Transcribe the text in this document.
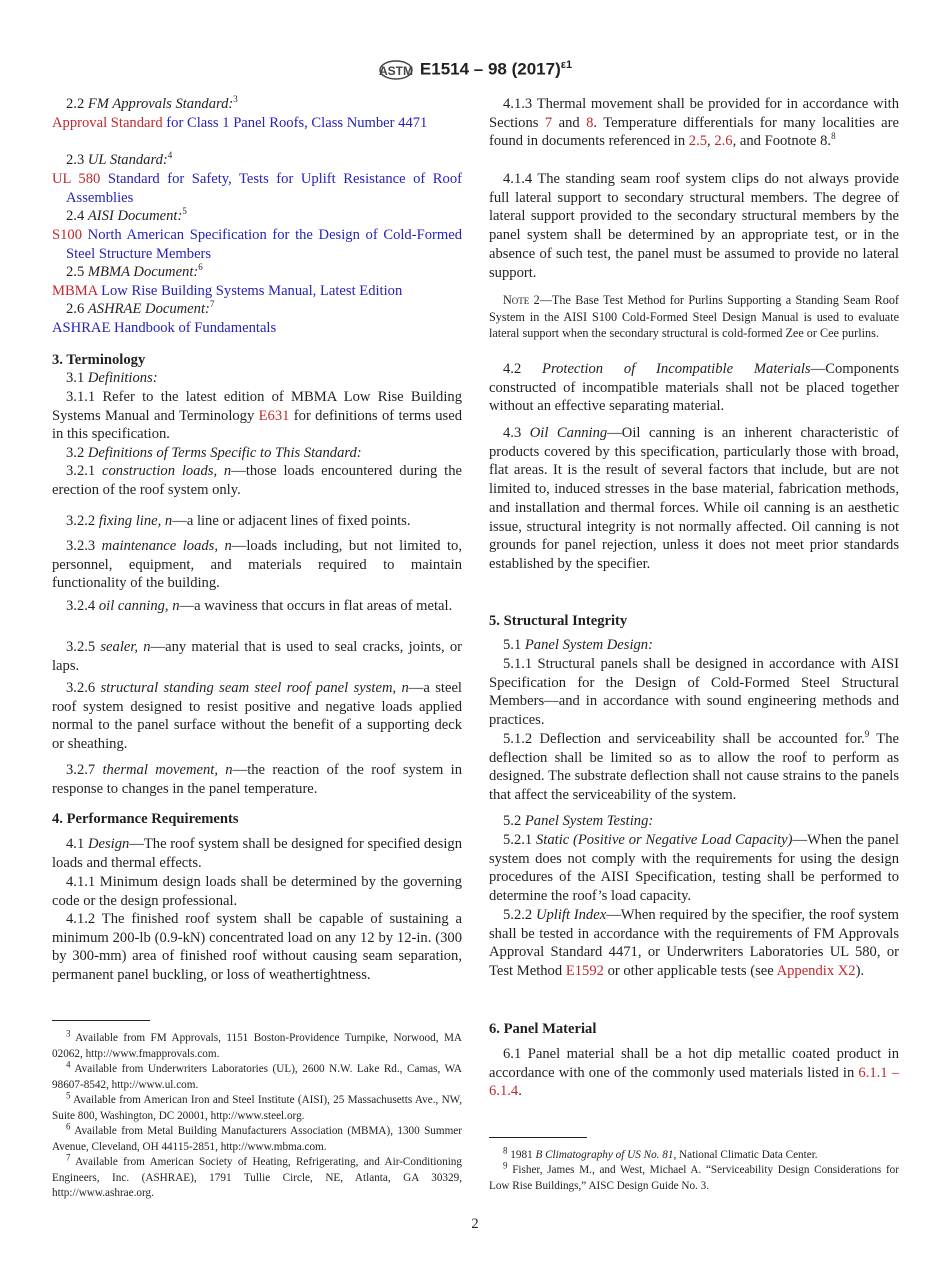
ASTM E1514 – 98 $(2017)^{\varepsilon 1}$
2.2 FM Approvals Standard:$^3$
Approval Standard for Class 1 Panel Roofs, Class Number 4471
2.3 UL Standard:$^4$
UL 580 Standard for Safety, Tests for Uplift Resistance of Roof Assemblies
2.4 AISI Document:$^5$
S100 North American Specification for the Design of Cold-Formed Steel Structure Members
2.5 MBMA Document:$^6$
MBMA Low Rise Building Systems Manual, Latest Edition
2.6 ASHRAE Document:$^7$
ASHRAE Handbook of Fundamentals
3. Terminology
3.1 Definitions:
3.1.1 Refer to the latest edition of MBMA Low Rise Building Systems Manual and Terminology E631 for definitions of terms used in this specification.
3.2 Definitions of Terms Specific to This Standard:
3.2.1 construction loads, n—those loads encountered during the erection of the roof system only.
3.2.2 fixing line, n—a line or adjacent lines of fixed points.
3.2.3 maintenance loads, n—loads including, but not limited to, personnel, equipment, and materials required to maintain functionality of the building.
3.2.4 oil canning, n—a waviness that occurs in flat areas of metal.
3.2.5 sealer, n—any material that is used to seal cracks, joints, or laps.
3.2.6 structural standing seam steel roof panel system, n—a steel roof system designed to resist positive and negative loads applied normal to the panel surface without the benefit of a supporting deck or sheathing.
3.2.7 thermal movement, n—the reaction of the roof system in response to changes in the panel temperature.
4. Performance Requirements
4.1 Design—The roof system shall be designed for specified design loads and thermal effects.
4.1.1 Minimum design loads shall be determined by the governing code or the design professional.
4.1.2 The finished roof system shall be capable of sustaining a minimum 200-lb (0.9-kN) concentrated load on any 12 by 12-in. (300 by 300-mm) area of finished roof without causing seam separation, permanent panel buckling, or loss of weathertightness.
4.1.3 Thermal movement shall be provided for in accordance with Sections 7 and 8. Temperature differentials for many localities are found in documents referenced in 2.5, 2.6, and Footnote 8.$^8$
4.1.4 The standing seam roof system clips do not always provide full lateral support to secondary structural members. The degree of lateral support provided to the secondary structural members by the panel system shall be determined by an appropriate test, or in the absence of such test, the panel must be assumed to provide no lateral support.
Note 2—The Base Test Method for Purlins Supporting a Standing Seam Roof System in the AISI S100 Cold-Formed Steel Design Manual is used to evaluate lateral support when the secondary structural is cold-formed Zee or Cee purlins.
4.2 Protection of Incompatible Materials—Components constructed of incompatible materials shall not be placed together without an effective separating material.
4.3 Oil Canning—Oil canning is an inherent characteristic of products covered by this specification, particularly those with broad, flat areas. It is the result of several factors that include, but are not limited to, induced stresses in the base material, fabrication methods, and installation and thermal forces. While oil canning is an aesthetic issue, structural integrity is not normally affected. Oil canning is not grounds for panel rejection, unless it does not meet prior standards established by the specifier.
5. Structural Integrity
5.1 Panel System Design:
5.1.1 Structural panels shall be designed in accordance with AISI Specification for the Design of Cold-Formed Steel Structural Members—and in accordance with sound engineering methods and practices.
5.1.2 Deflection and serviceability shall be accounted for.$^9$ The deflection shall be limited so as to allow the roof to perform as designed. The substrate deflection shall not cause strains to the panels that affect the serviceability of the system.
5.2 Panel System Testing:
5.2.1 Static (Positive or Negative Load Capacity)—When the panel system does not comply with the requirements for using the design procedures of the AISI Specification, testing shall be performed to determine the roof’s load capacity.
5.2.2 Uplift Index—When required by the specifier, the roof system shall be tested in accordance with the requirements of FM Approvals Approval Standard 4471, or Underwriters Laboratories UL 580, or Test Method E1592 or other applicable tests (see Appendix X2).
6. Panel Material
6.1 Panel material shall be a hot dip metallic coated product in accordance with one of the commonly used materials listed in 6.1.1 – 6.1.4.
$^3$ Available from FM Approvals, 1151 Boston-Providence Turnpike, Norwood, MA 02062, http://www.fmapprovals.com.
$^4$ Available from Underwriters Laboratories (UL), 2600 N.W. Lake Rd., Camas, WA 98607-8542, http://www.ul.com.
$^5$ Available from American Iron and Steel Institute (AISI), 25 Massachusetts Ave., NW, Suite 800, Washington, DC 20001, http://www.steel.org.
$^6$ Available from Metal Building Manufacturers Association (MBMA), 1300 Summer Avenue, Cleveland, OH 44115-2851, http://www.mbma.com.
$^7$ Available from American Society of Heating, Refrigerating, and Air-Conditioning Engineers, Inc. (ASHRAE), 1791 Tullie Circle, NE, Atlanta, GA 30329, http://www.ashrae.org.
$^8$ 1981 B Climatography of US No. 81, National Climatic Data Center.
$^9$ Fisher, James M., and West, Michael A. “Serviceability Design Considerations for Low Rise Buildings,” AISC Design Guide No. 3.
2
